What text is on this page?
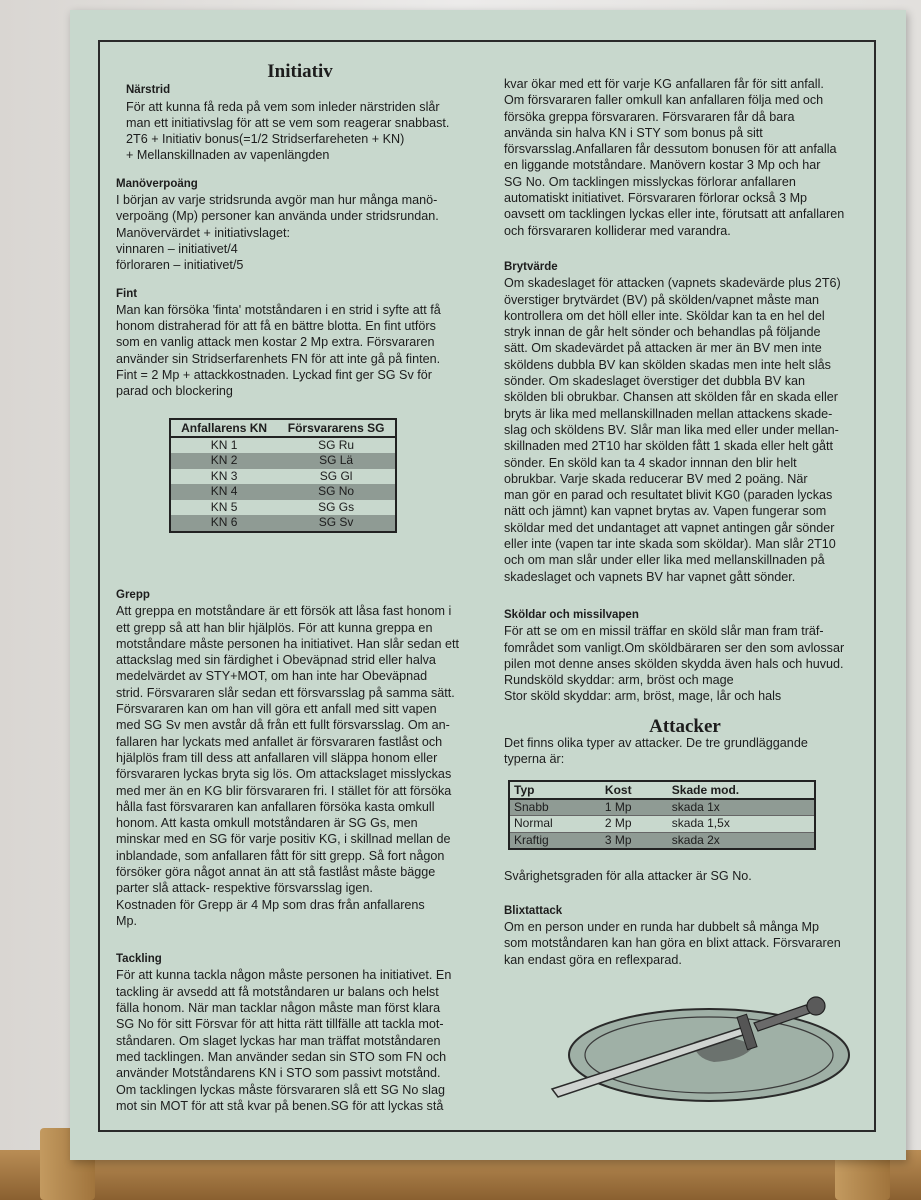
Initiativ

Närstrid

För att kunna få reda på vem som inleder närstriden slår

man ett initiativslag för att se vem som reagerar snabbast.

2T6 + Initiativ bonus(=1/2 Stridserfareheten + KN)

+ Mellanskillnaden av vapenlängden

Manöverpoäng

I början av varje stridsrunda avgör man hur många manö-

verpoäng (Mp) personer kan använda under stridsrundan.

Manövervärdet + initiativslaget:

vinnaren – initiativet/4

förloraren – initiativet/5

Fint

Man kan försöka 'finta' motståndaren i en strid i syfte att få

honom distraherad för att få en bättre blotta. En fint utförs

som en vanlig attack men kostar 2 Mp extra. Försvararen

använder sin Stridserfarenhets FN för att inte gå på finten.

Fint = 2 Mp + attackkostnaden. Lyckad fint ger SG Sv för

parad och blockering

Anfallarens KN	Försvararens SG
KN 1	SG Ru
KN 2	SG Lä
KN 3	SG Gl
KN 4	SG No
KN 5	SG Gs
KN 6	SG Sv

Grepp

Att greppa en motståndare är ett försök att låsa fast honom i

ett grepp så att han blir hjälplös. För att kunna greppa en

motståndare måste personen ha initiativet. Han slår sedan ett

attackslag med sin färdighet i Obeväpnad strid eller halva

medelvärdet av STY+MOT, om han inte har Obeväpnad

strid. Försvararen slår sedan ett försvarsslag på samma sätt.

Försvararen kan om han vill göra ett anfall med sitt vapen

med SG Sv men avstår då från ett fullt försvarsslag. Om an-

fallaren har lyckats med anfallet är försvararen fastlåst och

hjälplös fram till dess att anfallaren vill släppa honom eller

försvararen lyckas bryta sig lös. Om attackslaget misslyckas

med mer än en KG blir försvararen fri. I stället för att försöka

hålla fast försvararen kan anfallaren försöka kasta omkull

honom. Att kasta omkull motståndaren är SG Gs, men

minskar med en SG för varje positiv KG, i skillnad mellan de

inblandade, som anfallaren fått för sitt grepp. Så fort någon

försöker göra något annat än att stå fastlåst måste bägge

parter slå attack- respektive försvarsslag igen.

Kostnaden för Grepp är 4 Mp som dras från anfallarens

Mp.

Tackling

För att kunna tackla någon måste personen ha initiativet. En

tackling är avsedd att få motståndaren ur balans och helst

fälla honom. När man tacklar någon måste man först klara

SG No för sitt Försvar för att hitta rätt tillfälle att tackla mot-

ståndaren. Om slaget lyckas har man träffat motståndaren

med tacklingen. Man använder sedan sin STO som FN och

använder Motståndarens KN i STO som passivt motstånd.

Om tacklingen lyckas måste försvararen slå ett SG No slag

mot sin MOT för att stå kvar på benen.SG för att lyckas stå

kvar ökar med ett för varje KG anfallaren får för sitt anfall.

Om försvararen faller omkull kan anfallaren följa med och

försöka greppa försvararen. Försvararen får då bara

använda sin halva KN i STY som bonus på sitt

försvarsslag.Anfallaren får dessutom bonusen för att anfalla

en liggande motståndare. Manövern kostar 3 Mp och har

SG No. Om tacklingen misslyckas förlorar anfallaren

automatiskt initiativet. Försvararen förlorar också 3 Mp

oavsett om tacklingen lyckas eller inte, förutsatt att anfallaren

och försvararen kolliderar med varandra.

Brytvärde

Om skadeslaget för attacken (vapnets skadevärde plus 2T6)

överstiger brytvärdet (BV) på skölden/vapnet måste man

kontrollera om det höll eller inte. Sköldar kan ta en hel del

stryk innan de går helt sönder och behandlas på följande

sätt. Om skadevärdet på attacken är mer än BV men inte

sköldens dubbla BV kan skölden skadas men inte helt slås

sönder. Om skadeslaget överstiger det dubbla BV kan

skölden bli obrukbar. Chansen att skölden får en skada eller

bryts är lika med mellanskillnaden mellan attackens skade-

slag och sköldens BV. Slår man lika med eller under mellan-

skillnaden med 2T10 har skölden fått 1 skada eller helt gått

sönder. En sköld kan ta 4 skador innnan den blir helt

obrukbar. Varje skada reducerar BV med 2 poäng. När

man gör en parad och resultatet blivit KG0 (paraden lyckas

nätt och jämnt) kan vapnet brytas av. Vapen fungerar som

sköldar med det undantaget att vapnet antingen går sönder

eller inte (vapen tar inte skada som sköldar). Man slår 2T10

och om man slår under eller lika med mellanskillnaden på

skadeslaget och vapnets BV har vapnet gått sönder.

Sköldar och missilvapen

För att se om en missil träffar en sköld slår man fram träf-

fområdet som vanligt.Om sköldbäraren ser den som avlossar

pilen mot denne anses skölden skydda även hals och huvud.

Rundsköld skyddar: arm, bröst och mage

Stor sköld skyddar: arm, bröst, mage, lår och hals

Attacker

Det finns olika typer av attacker. De tre grundläggande

typerna är:

Typ	Kost	Skade mod.
Snabb	1 Mp	skada 1x
Normal	2 Mp	skada 1,5x
Kraftig	3 Mp	skada 2x

Svårighetsgraden för alla attacker är SG No.

Blixtattack

Om en person under en runda har dubbelt så många Mp

som motståndaren kan han göra en blixt attack. Försvararen

kan endast göra en reflexparad.
